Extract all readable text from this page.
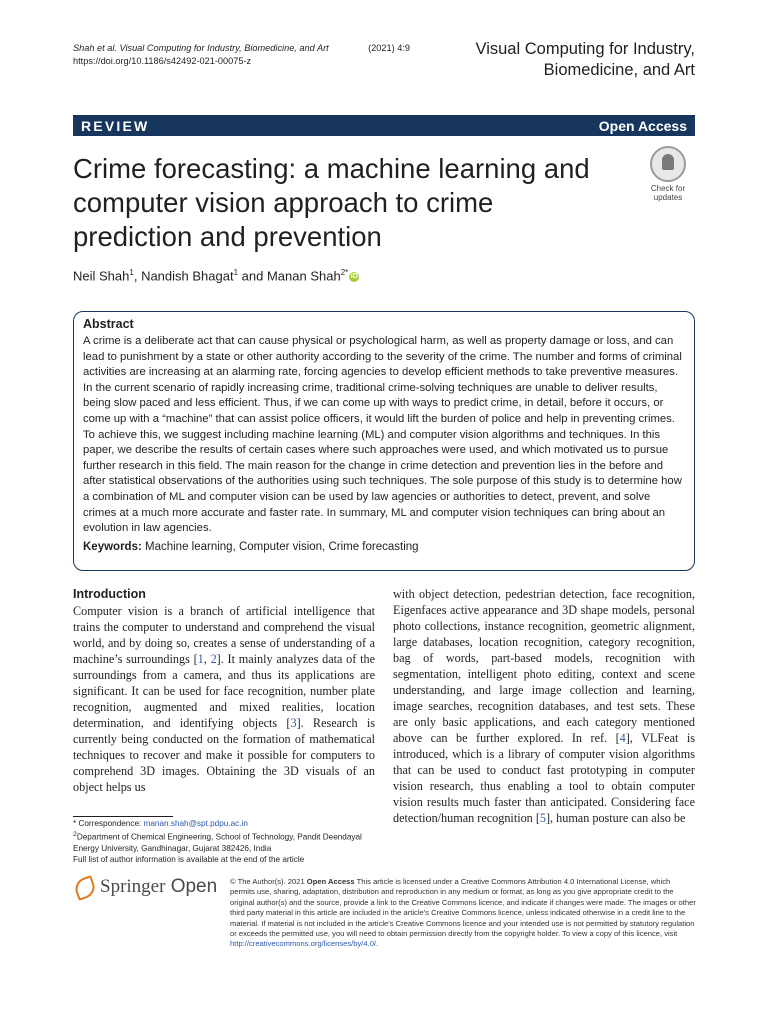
Shah et al. Visual Computing for Industry, Biomedicine, and Art	(2021) 4:9
https://doi.org/10.1186/s42492-021-00075-z
Visual Computing for Industry,
Biomedicine, and Art
REVIEW	Open Access
Crime forecasting: a machine learning and computer vision approach to crime prediction and prevention
Check for
updates
Neil Shah$^1$, Nandish Bhagat$^1$ and Manan Shah$^{2*}$ iD
Abstract

A crime is a deliberate act that can cause physical or psychological harm, as well as property damage or loss, and can lead to punishment by a state or other authority according to the severity of the crime. The number and forms of criminal activities are increasing at an alarming rate, forcing agencies to develop efficient methods to take preventive measures. In the current scenario of rapidly increasing crime, traditional crime-solving techniques are unable to deliver results, being slow paced and less efficient. Thus, if we can come up with ways to predict crime, in detail, before it occurs, or come up with a “machine” that can assist police officers, it would lift the burden of police and help in preventing crimes. To achieve this, we suggest including machine learning (ML) and computer vision algorithms and techniques. In this paper, we describe the results of certain cases where such approaches were used, and which motivated us to pursue further research in this field. The main reason for the change in crime detection and prevention lies in the before and after statistical observations of the authorities using such techniques. The sole purpose of this study is to determine how a combination of ML and computer vision can be used by law agencies or authorities to detect, prevent, and solve crimes at a much more accurate and faster rate. In summary, ML and computer vision techniques can bring about an evolution in law agencies.

Keywords: Machine learning, Computer vision, Crime forecasting
Introduction

Computer vision is a branch of artificial intelligence that trains the computer to understand and comprehend the visual world, and by doing so, creates a sense of understanding of a machine’s surroundings [1, 2]. It mainly analyzes data of the surroundings from a camera, and thus its applications are significant. It can be used for face recognition, number plate recognition, augmented and mixed realities, location determination, and identifying objects [3]. Research is currently being conducted on the formation of mathematical techniques to recover and make it possible for computers to comprehend 3D images. Obtaining the 3D visuals of an object helps us

with object detection, pedestrian detection, face recognition, Eigenfaces active appearance and 3D shape models, personal photo collections, instance recognition, geometric alignment, large databases, location recognition, category recognition, bag of words, part-based models, recognition with segmentation, intelligent photo editing, context and scene understanding, and large image collection and learning, image searches, recognition databases, and test sets. These are only basic applications, and each category mentioned above can be further explored. In ref. [4], VLFeat is introduced, which is a library of computer vision algorithms that can be used to conduct fast prototyping in computer vision research, thus enabling a tool to obtain computer vision results much faster than anticipated. Considering face detection/human recognition [5], human posture can also be

* Correspondence: manan.shah@spt.pdpu.ac.in
$^2$Department of Chemical Engineering, School of Technology, Pandit Deendayal Energy University, Gandhinagar, Gujarat 382426, India
Full list of author information is available at the end of the article
Springer Open © The Author(s). 2021 Open Access This article is licensed under a Creative Commons Attribution 4.0 International License, which permits use, sharing, adaptation, distribution and reproduction in any medium or format, as long as you give appropriate credit to the original author(s) and the source, provide a link to the Creative Commons licence, and indicate if changes were made. The images or other third party material in this article are included in the article's Creative Commons licence, unless indicated otherwise in a credit line to the material. If material is not included in the article's Creative Commons licence and your intended use is not permitted by statutory regulation or exceeds the permitted use, you will need to obtain permission directly from the copyright holder. To view a copy of this licence, visit http://creativecommons.org/licenses/by/4.0/.
